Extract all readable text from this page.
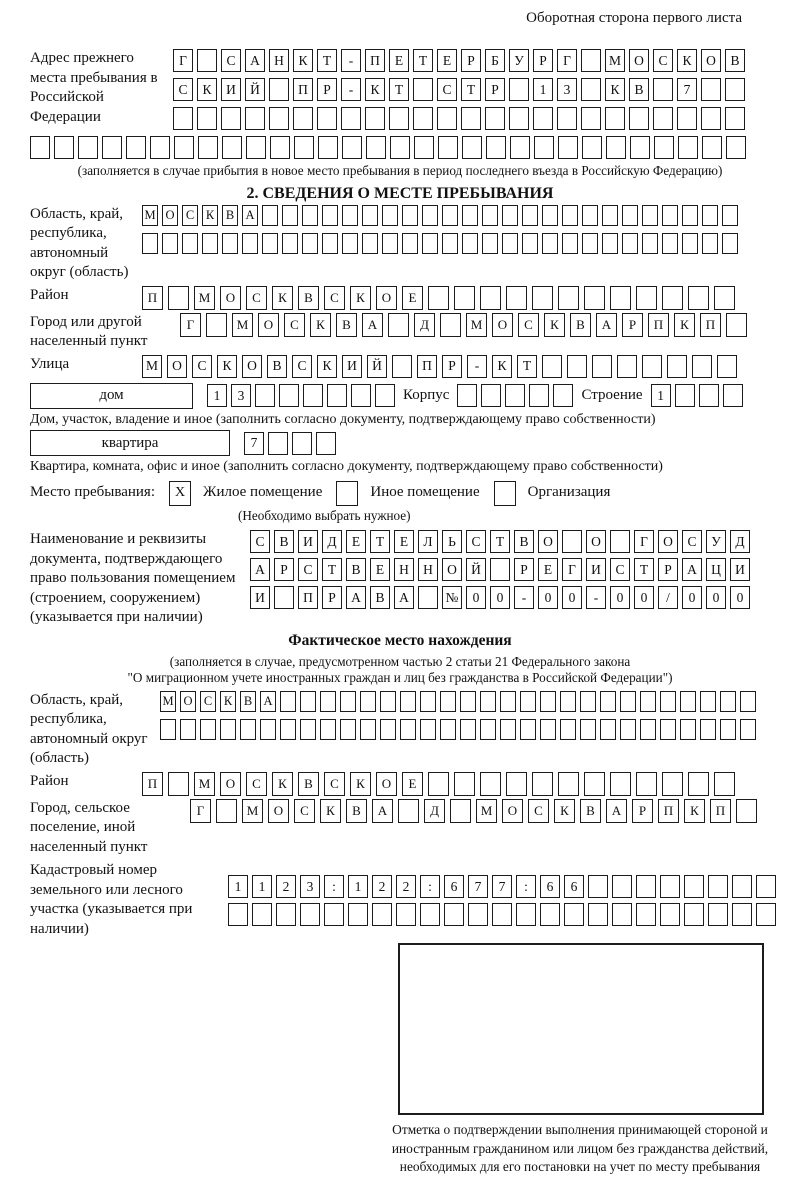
Оборотная сторона первого листа
Адрес прежнего места пребывания в Российской Федерации
Г	С	А	Н	К	Т	-	П	Е	Т	Е	Р	Б	У	Р	Г	М О	С	К	О	В
С	К	И	Й	П	Р	-	К	Т	С	Т	Р	1	3	К	В	7
(заполняется в случае прибытия в новое место пребывания в период последнего въезда в Российскую Федерацию)
2. СВЕДЕНИЯ О МЕСТЕ ПРЕБЫВАНИЯ
Область, край, республика, автономный округ (область)
М О С К В А
Район	П	М	О	С	К	В	С	К	О	Е
Город или другой населенный пункт
Г	М	О	С	К	В	А	Д	М	О	С	К	В	А	Р	П	К	П
Улица	М	О	С	К	О	В	С	К	И	Й	П	Р	-	К	Т
дом	1	3	Корпус	Строение	1
Дом, участок, владение и иное (заполнить согласно документу, подтверждающему право собственности)
квартира	7
Квартира, комната, офис и иное (заполнить согласно документу, подтверждающему право собственности)
Место пребывания:	X	Жилое помещение	Иное помещение	Организация
(Необходимо выбрать нужное)
Наименование и реквизиты документа, подтверждающего право пользования помещением (строением, сооружением) (указывается при наличии)
С	В	И	Д	Е	Т	Е	Л	Ь	С	Т	В	О	О	Г	О	С	У	Д
А	Р	С	Т	В	Е	Н	Н	О	Й	Р	Е	Г	И	С	Т	Р	А	Ц	И
И	П	Р	А	В	А	№	0	0	-	0	0	-	0	0	/	0	0	0
Фактическое место нахождения
(заполняется в случае, предусмотренном частью 2 статьи 21 Федерального закона
"О миграционном учете иностранных граждан и лиц без гражданства в Российской Федерации")
Область, край, республика, автономный округ (область)
М О С К В А
Район	П	М	О	С	К	В	С	К	О	Е
Город, сельское поселение, иной населенный пункт
Г	М	О	С	К	В	А	Д	М	О	С	К	В	А	Р	П	К	П
Кадастровый номер земельного или лесного участка (указывается при наличии)
1	1	2	3	:	1	2	2	:	6	7	7	:	6	6
Отметка о подтверждении выполнения принимающей стороной и иностранным гражданином или лицом без гражданства действий, необходимых для его постановки на учет по месту пребывания
